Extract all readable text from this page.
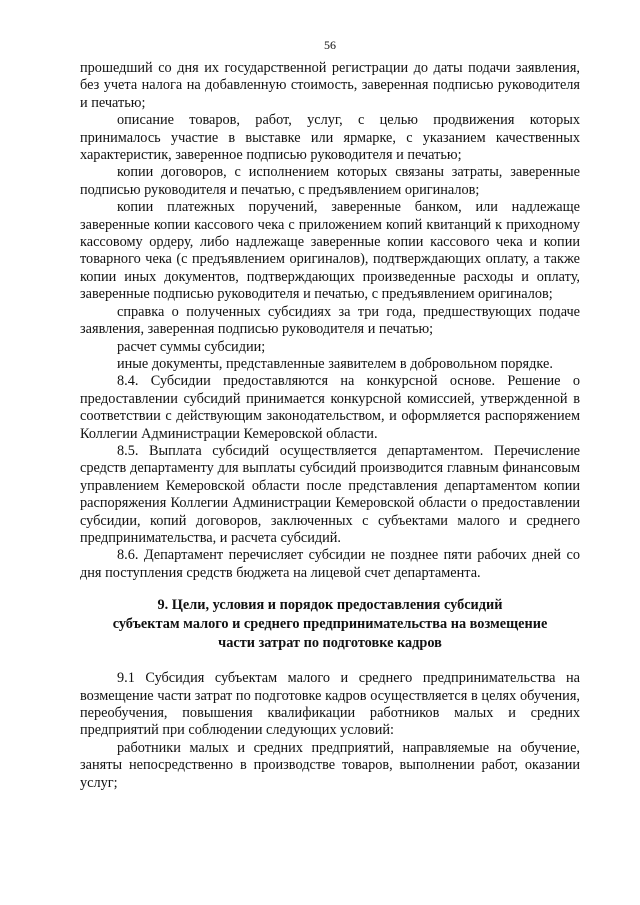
56

прошедший со дня их государственной регистрации до даты подачи заявления, без учета налога на добавленную стоимость, заверенная подписью руководителя и печатью;

описание товаров, работ, услуг, с целью продвижения которых принималось участие в выставке или ярмарке, с указанием качественных характеристик, заверенное подписью руководителя и печатью;

копии договоров, с исполнением которых связаны затраты, заверенные подписью руководителя и печатью, с предъявлением оригиналов;

копии платежных поручений, заверенные банком, или надлежаще заверенные копии кассового чека с приложением копий квитанций к приходному кассовому ордеру, либо надлежаще заверенные копии кассового чека и копии товарного чека (с предъявлением оригиналов), подтверждающих оплату, а также копии иных документов, подтверждающих произведенные расходы и оплату, заверенные подписью руководителя и печатью, с предъявлением оригиналов;

справка о полученных субсидиях за три года, предшествующих подаче заявления, заверенная подписью руководителя и печатью;

расчет суммы субсидии;

иные документы, представленные заявителем в добровольном порядке.

8.4. Субсидии предоставляются на конкурсной основе. Решение о предоставлении субсидий принимается конкурсной комиссией, утвержденной в соответствии с действующим законодательством, и оформляется распоряжением Коллегии Администрации Кемеровской области.

8.5. Выплата субсидий осуществляется департаментом. Перечисление средств департаменту для выплаты субсидий производится главным финансовым управлением Кемеровской области после представления департаментом копии распоряжения Коллегии Администрации Кемеровской области о предоставлении субсидии, копий договоров, заключенных с субъектами малого и среднего предпринимательства, и расчета субсидий.

8.6. Департамент перечисляет субсидии не позднее пяти рабочих дней со дня поступления средств бюджета на лицевой счет департамента.

9. Цели, условия и порядок предоставления субсидий
субъектам малого и среднего предпринимательства на возмещение
части затрат по подготовке кадров

9.1 Субсидия субъектам малого и среднего предпринимательства на возмещение части затрат по подготовке кадров осуществляется в целях обучения, переобучения, повышения квалификации работников малых и средних предприятий при соблюдении следующих условий:

работники малых и средних предприятий, направляемые на обучение, заняты непосредственно в производстве товаров, выполнении работ, оказании услуг;
